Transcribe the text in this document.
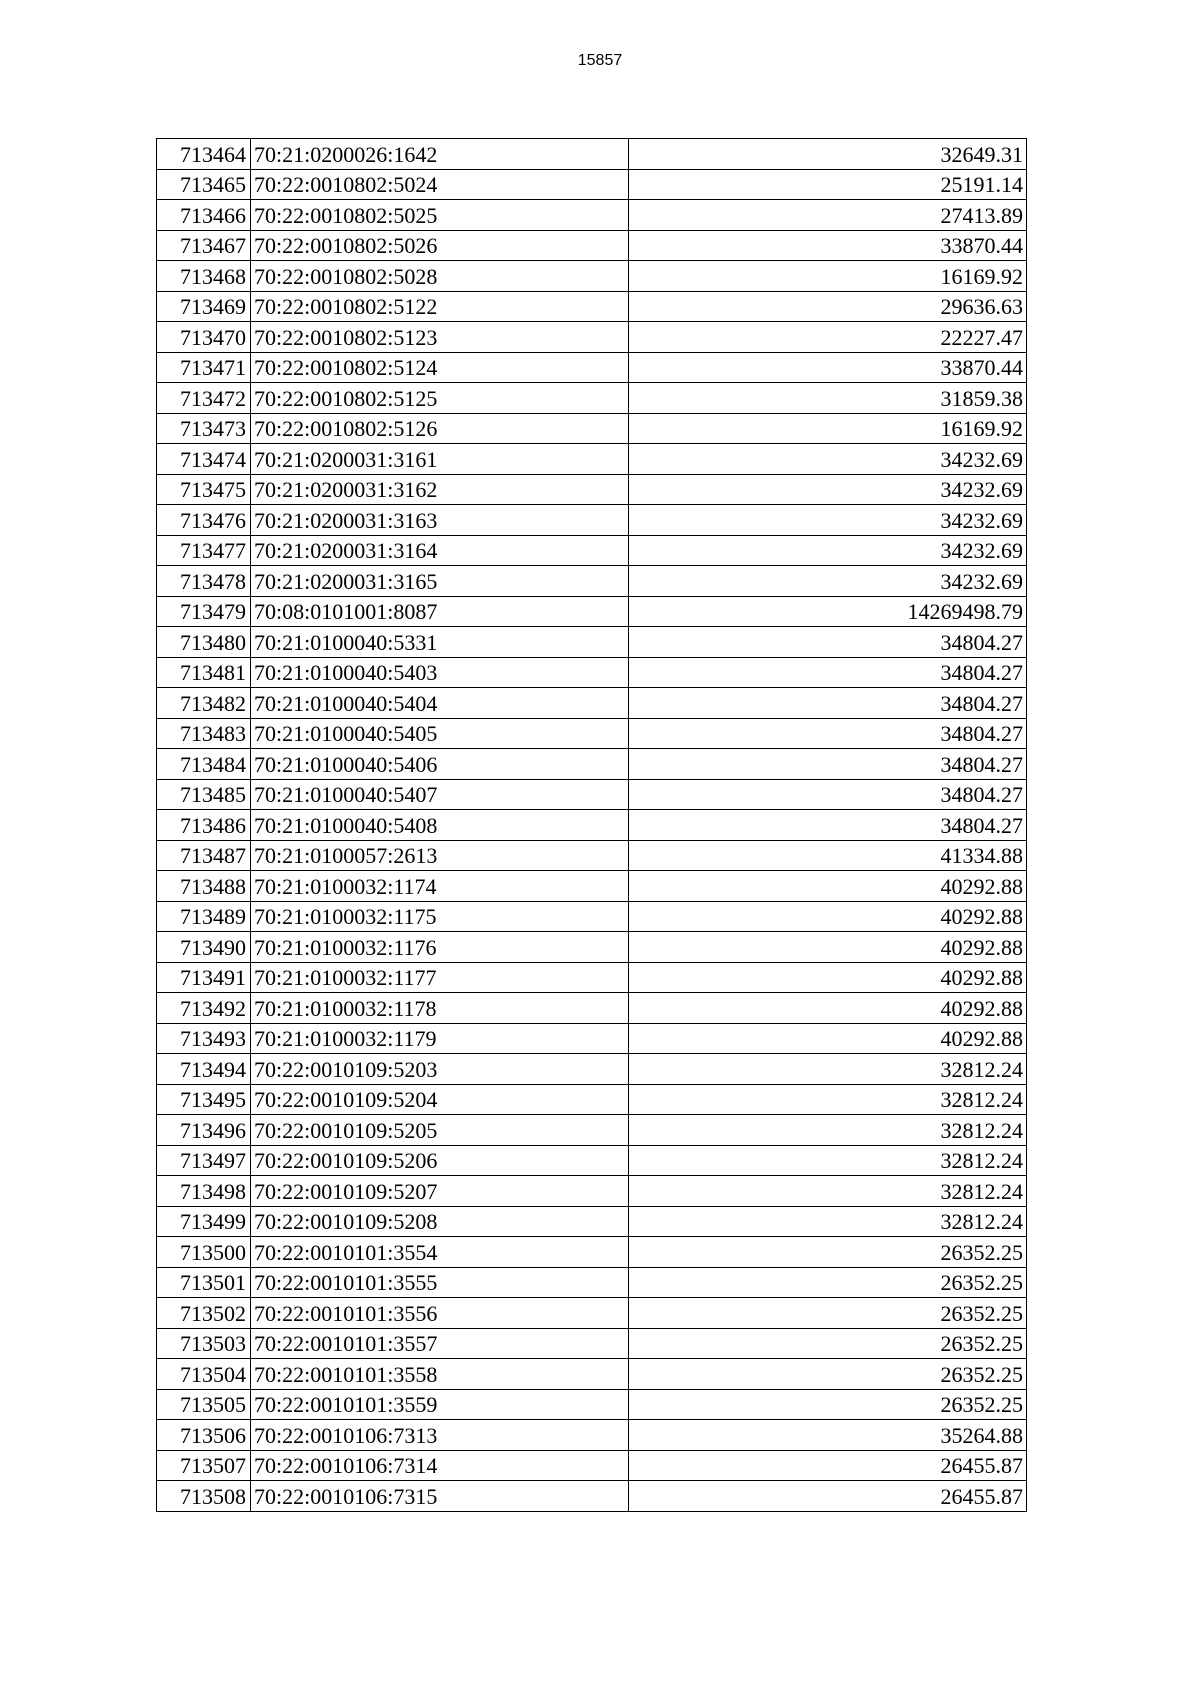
15857
713464	70:21:0200026:1642	32649.31
713465	70:22:0010802:5024	25191.14
713466	70:22:0010802:5025	27413.89
713467	70:22:0010802:5026	33870.44
713468	70:22:0010802:5028	16169.92
713469	70:22:0010802:5122	29636.63
713470	70:22:0010802:5123	22227.47
713471	70:22:0010802:5124	33870.44
713472	70:22:0010802:5125	31859.38
713473	70:22:0010802:5126	16169.92
713474	70:21:0200031:3161	34232.69
713475	70:21:0200031:3162	34232.69
713476	70:21:0200031:3163	34232.69
713477	70:21:0200031:3164	34232.69
713478	70:21:0200031:3165	34232.69
713479	70:08:0101001:8087	14269498.79
713480	70:21:0100040:5331	34804.27
713481	70:21:0100040:5403	34804.27
713482	70:21:0100040:5404	34804.27
713483	70:21:0100040:5405	34804.27
713484	70:21:0100040:5406	34804.27
713485	70:21:0100040:5407	34804.27
713486	70:21:0100040:5408	34804.27
713487	70:21:0100057:2613	41334.88
713488	70:21:0100032:1174	40292.88
713489	70:21:0100032:1175	40292.88
713490	70:21:0100032:1176	40292.88
713491	70:21:0100032:1177	40292.88
713492	70:21:0100032:1178	40292.88
713493	70:21:0100032:1179	40292.88
713494	70:22:0010109:5203	32812.24
713495	70:22:0010109:5204	32812.24
713496	70:22:0010109:5205	32812.24
713497	70:22:0010109:5206	32812.24
713498	70:22:0010109:5207	32812.24
713499	70:22:0010109:5208	32812.24
713500	70:22:0010101:3554	26352.25
713501	70:22:0010101:3555	26352.25
713502	70:22:0010101:3556	26352.25
713503	70:22:0010101:3557	26352.25
713504	70:22:0010101:3558	26352.25
713505	70:22:0010101:3559	26352.25
713506	70:22:0010106:7313	35264.88
713507	70:22:0010106:7314	26455.87
713508	70:22:0010106:7315	26455.87
